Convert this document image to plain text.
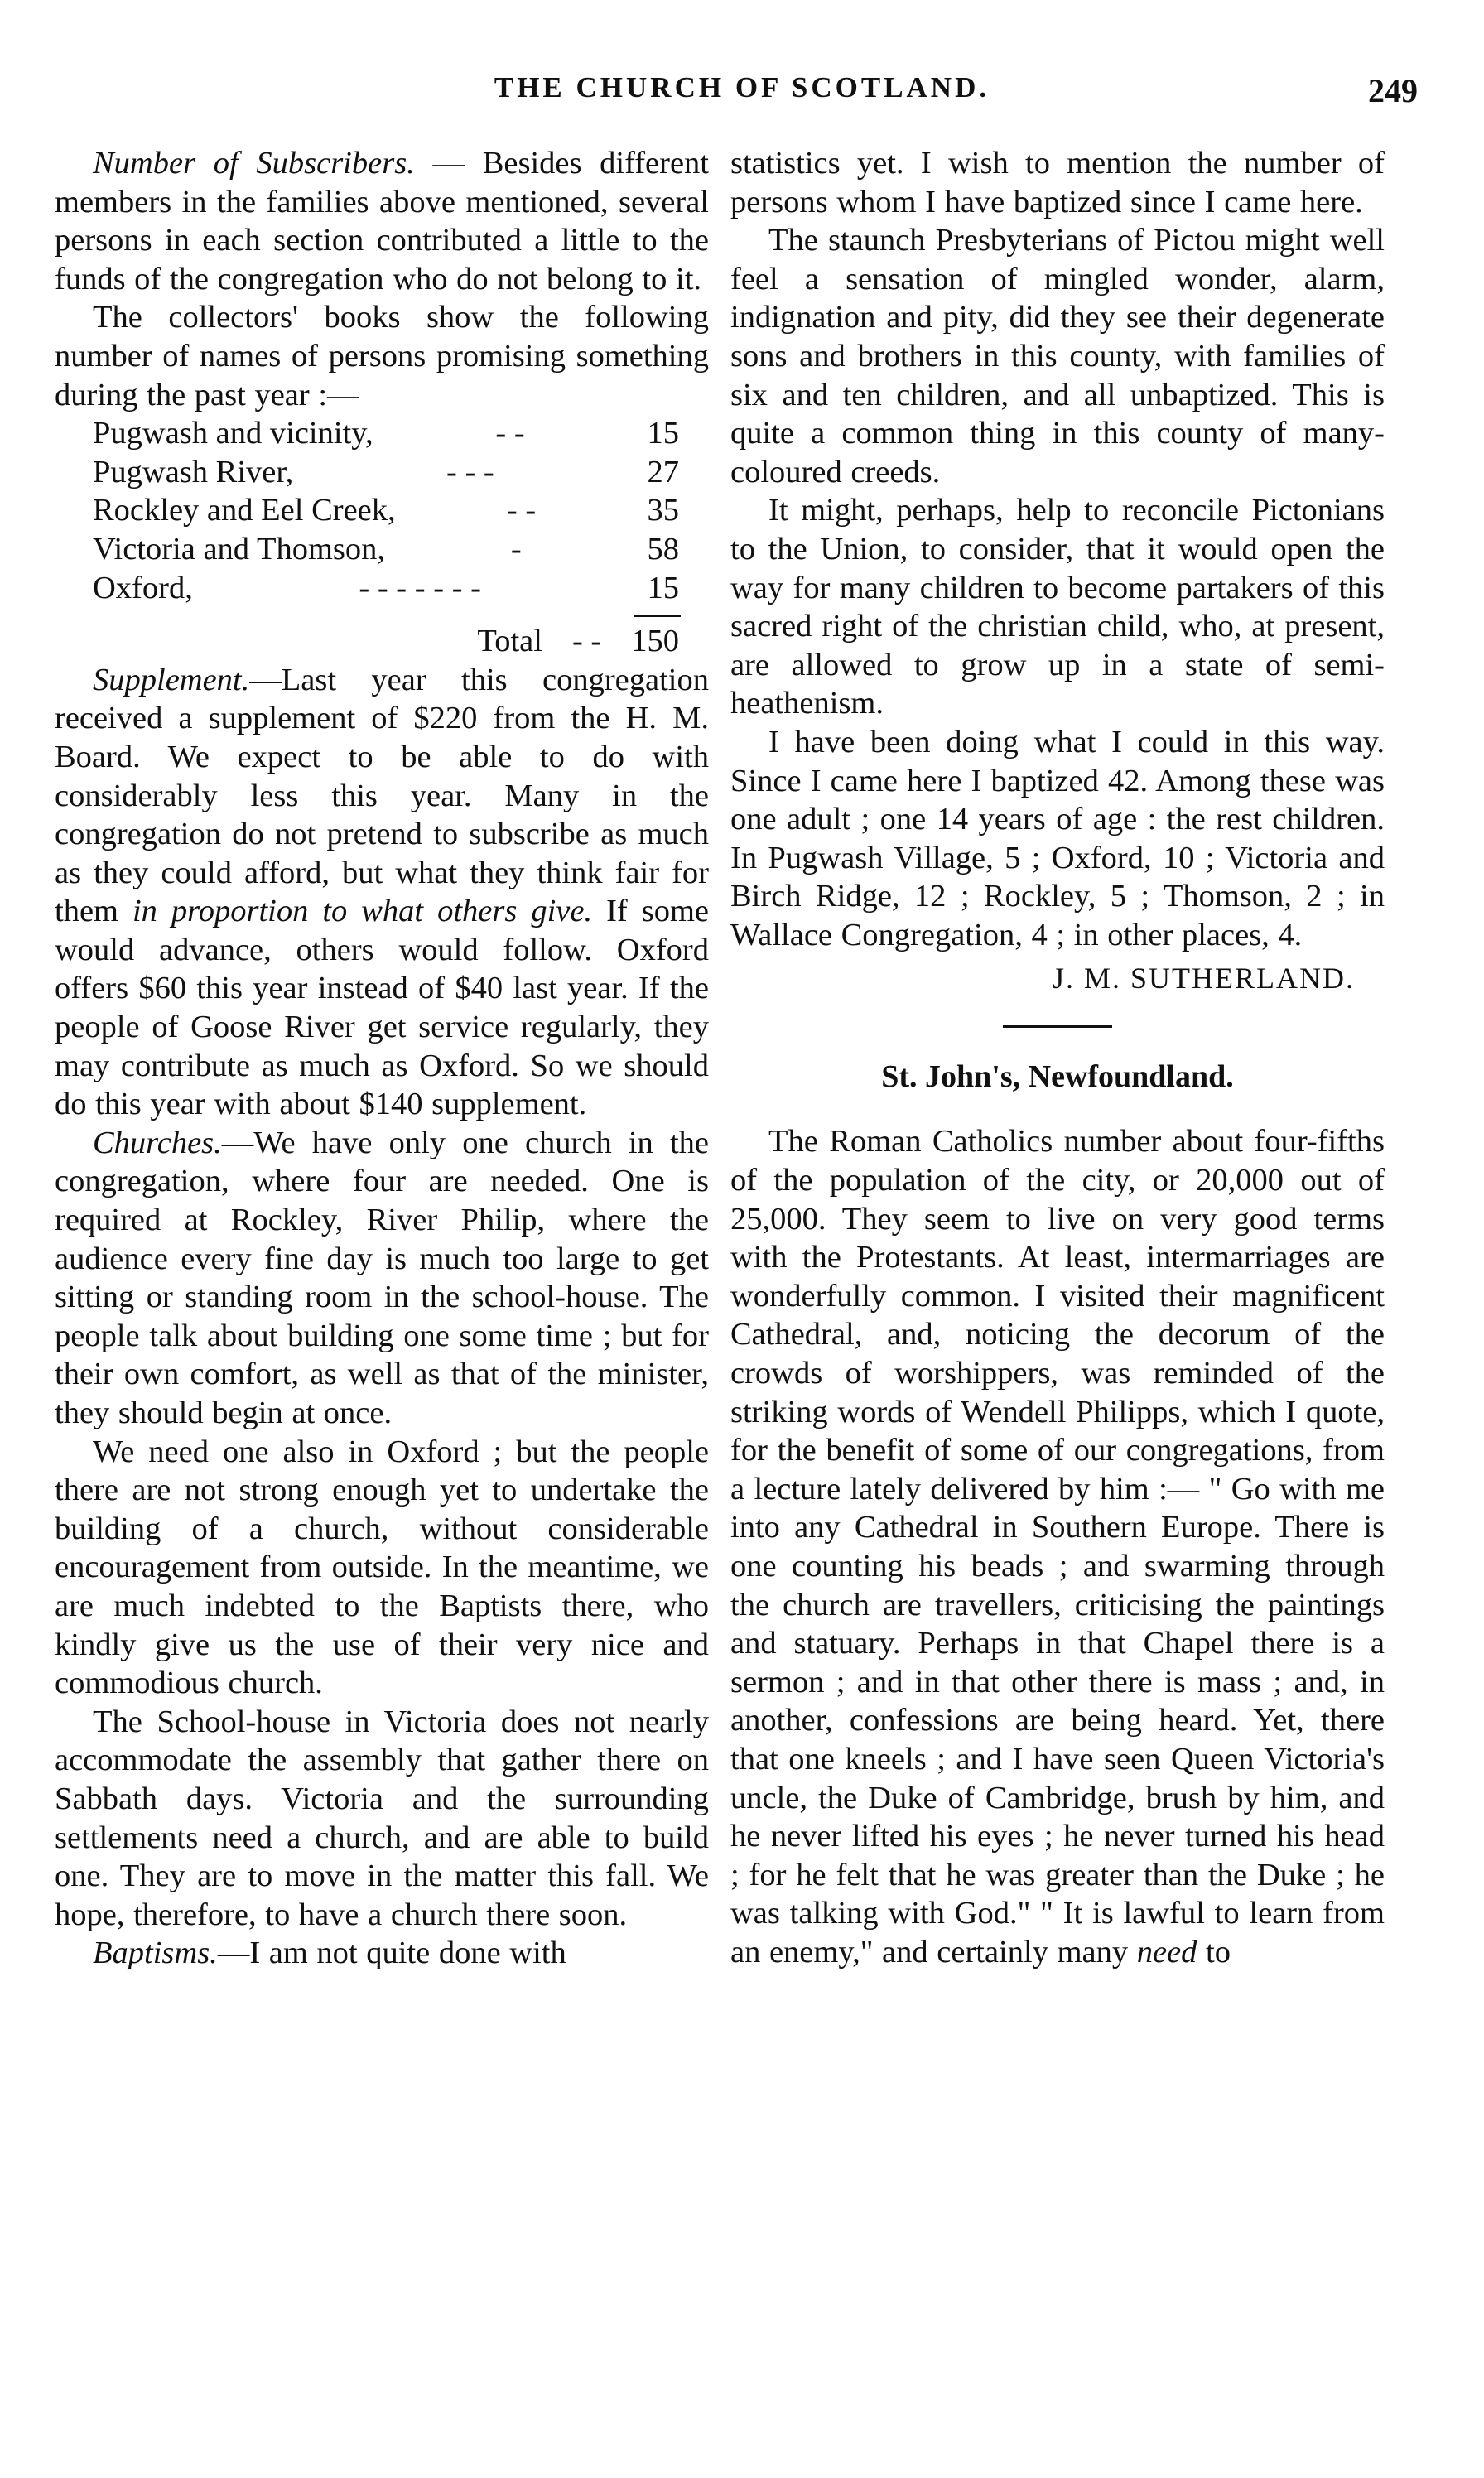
THE CHURCH OF SCOTLAND.	249

Number of Subscribers. — Besides different members in the families above mentioned, several persons in each section contributed a little to the funds of the congregation who do not belong to it.

The collectors' books show the following number of names of persons promising something during the past year :—

Pugwash and vicinity,	- -	15
Pugwash River,	- - -	27
Rockley and Eel Creek,	- -	35
Victoria and Thomson,	-	58
Oxford,	- - - - - - -	15
Total - - 150

Supplement.—Last year this congregation received a supplement of $220 from the H. M. Board. We expect to be able to do with considerably less this year. Many in the congregation do not pretend to subscribe as much as they could afford, but what they think fair for them in proportion to what others give. If some would advance, others would follow. Oxford offers $60 this year instead of $40 last year. If the people of Goose River get service regularly, they may contribute as much as Oxford. So we should do this year with about $140 supplement.

Churches.—We have only one church in the congregation, where four are needed. One is required at Rockley, River Philip, where the audience every fine day is much too large to get sitting or standing room in the school-house. The people talk about building one some time ; but for their own comfort, as well as that of the minister, they should begin at once.

We need one also in Oxford ; but the people there are not strong enough yet to undertake the building of a church, without considerable encouragement from outside. In the meantime, we are much indebted to the Baptists there, who kindly give us the use of their very nice and commodious church.

The School-house in Victoria does not nearly accommodate the assembly that gather there on Sabbath days. Victoria and the surrounding settlements need a church, and are able to build one. They are to move in the matter this fall. We hope, therefore, to have a church there soon.

Baptisms.—I am not quite done with

statistics yet. I wish to mention the number of persons whom I have baptized since I came here.

The staunch Presbyterians of Pictou might well feel a sensation of mingled wonder, alarm, indignation and pity, did they see their degenerate sons and brothers in this county, with families of six and ten children, and all unbaptized. This is quite a common thing in this county of many-coloured creeds.

It might, perhaps, help to reconcile Pictonians to the Union, to consider, that it would open the way for many children to become partakers of this sacred right of the christian child, who, at present, are allowed to grow up in a state of semi-heathenism.

I have been doing what I could in this way. Since I came here I baptized 42. Among these was one adult ; one 14 years of age : the rest children. In Pugwash Village, 5 ; Oxford, 10 ; Victoria and Birch Ridge, 12 ; Rockley, 5 ; Thomson, 2 ; in Wallace Congregation, 4 ; in other places, 4.

J. M. SUTHERLAND.
St. John's, Newfoundland.

The Roman Catholics number about four-fifths of the population of the city, or 20,000 out of 25,000. They seem to live on very good terms with the Protestants. At least, intermarriages are wonderfully common. I visited their magnificent Cathedral, and, noticing the decorum of the crowds of worshippers, was reminded of the striking words of Wendell Philipps, which I quote, for the benefit of some of our congregations, from a lecture lately delivered by him :— " Go with me into any Cathedral in Southern Europe. There is one counting his beads ; and swarming through the church are travellers, criticising the paintings and statuary. Perhaps in that Chapel there is a sermon ; and in that other there is mass ; and, in another, confessions are being heard. Yet, there that one kneels ; and I have seen Queen Victoria's uncle, the Duke of Cambridge, brush by him, and he never lifted his eyes ; he never turned his head ; for he felt that he was greater than the Duke ; he was talking with God." " It is lawful to learn from an enemy," and certainly many need to
